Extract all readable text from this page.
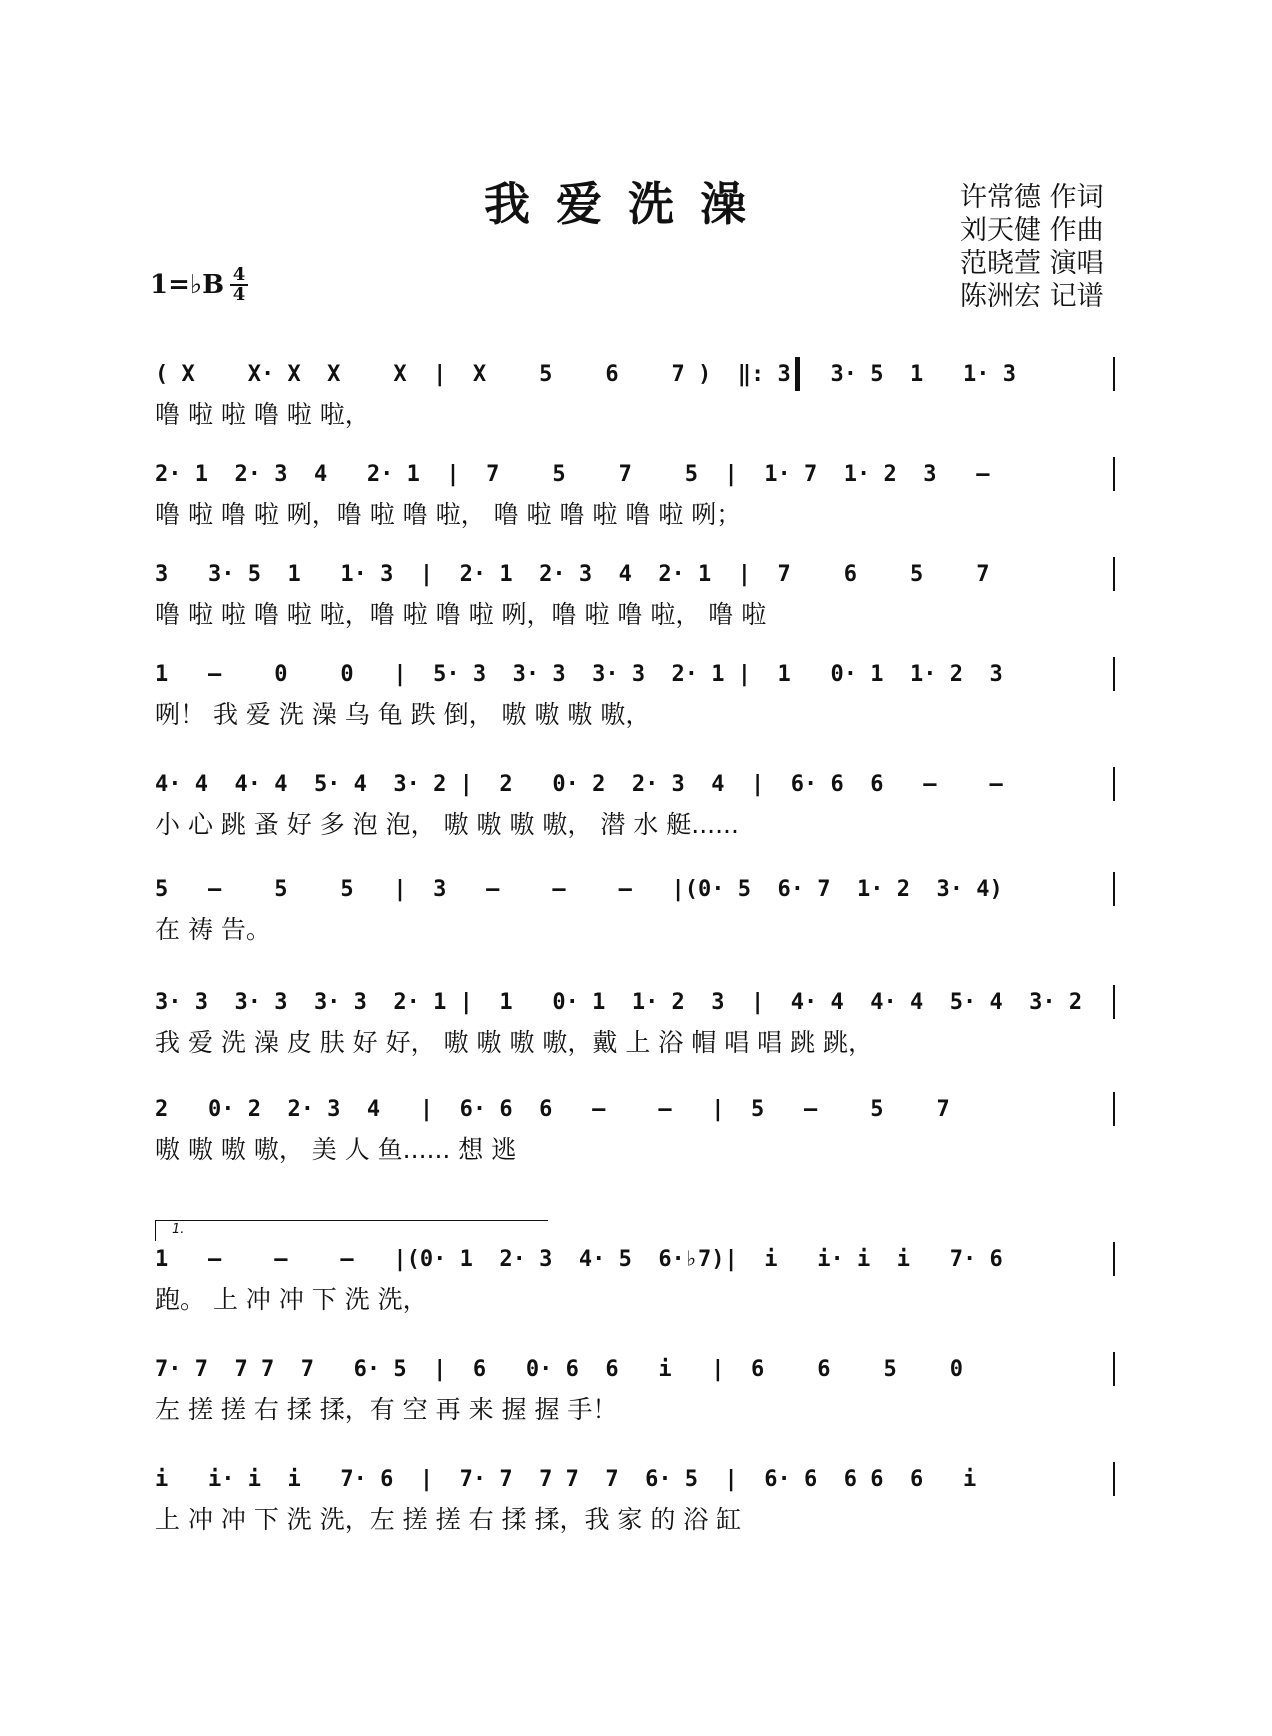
我爱洗澡	许常德 作词
刘天健 作曲
范晓萱 演唱
陈洲宏 记谱
1=♭B 4
4
( X    X· X  X    X  |  X    5    6    7 )  ‖: 3   3· 5  1   1· 3
噜 啦 啦 噜 啦 啦，
2· 1  2· 3  4   2· 1  |  7    5    7    5  |  1· 7  1· 2  3   –
噜 啦 噜 啦 咧，噜 啦 噜 啦， 噜 啦 噜 啦 噜 啦 咧；
3   3· 5  1   1· 3  |  2· 1  2· 3  4  2· 1  |  7    6    5    7
噜 啦 啦 噜 啦 啦，噜 啦 噜 啦 咧，噜 啦 噜 啦， 噜 啦
1   –    0    0   |  5· 3  3· 3  3· 3  2· 1 |  1   0· 1  1· 2  3
咧！ 我 爱 洗 澡 乌 龟 跌 倒， 嗷 嗷 嗷 嗷，
4· 4  4· 4  5· 4  3· 2 |  2   0· 2  2· 3  4  |  6· 6  6   –    –
小 心 跳 蚤 好 多 泡 泡， 嗷 嗷 嗷 嗷， 潜 水 艇......
5   –    5    5   |  3   –    –    –   |(0· 5  6· 7  1· 2  3· 4)
在 祷 告。
3· 3  3· 3  3· 3  2· 1 |  1   0· 1  1· 2  3  |  4· 4  4· 4  5· 4  3· 2
我 爱 洗 澡 皮 肤 好 好， 嗷 嗷 嗷 嗷，戴 上 浴 帽 唱 唱 跳 跳，
2   0· 2  2· 3  4   |  6· 6  6   –    –   |  5   –    5    7
嗷 嗷 嗷 嗷， 美 人 鱼...... 想 逃
1.
1   –    –    –   |(0· 1  2· 3  4· 5  6·♭7)|  i   i· i  i   7· 6
跑。 上 冲 冲 下 洗 洗，
7· 7  7 7  7   6· 5  |  6   0· 6  6   i   |  6    6    5    0
左 搓 搓 右 揉 揉，有 空 再 来 握 握 手！
i   i· i  i   7· 6  |  7· 7  7 7  7  6· 5  |  6· 6  6 6  6   i
上 冲 冲 下 洗 洗，左 搓 搓 右 揉 揉，我 家 的 浴 缸
